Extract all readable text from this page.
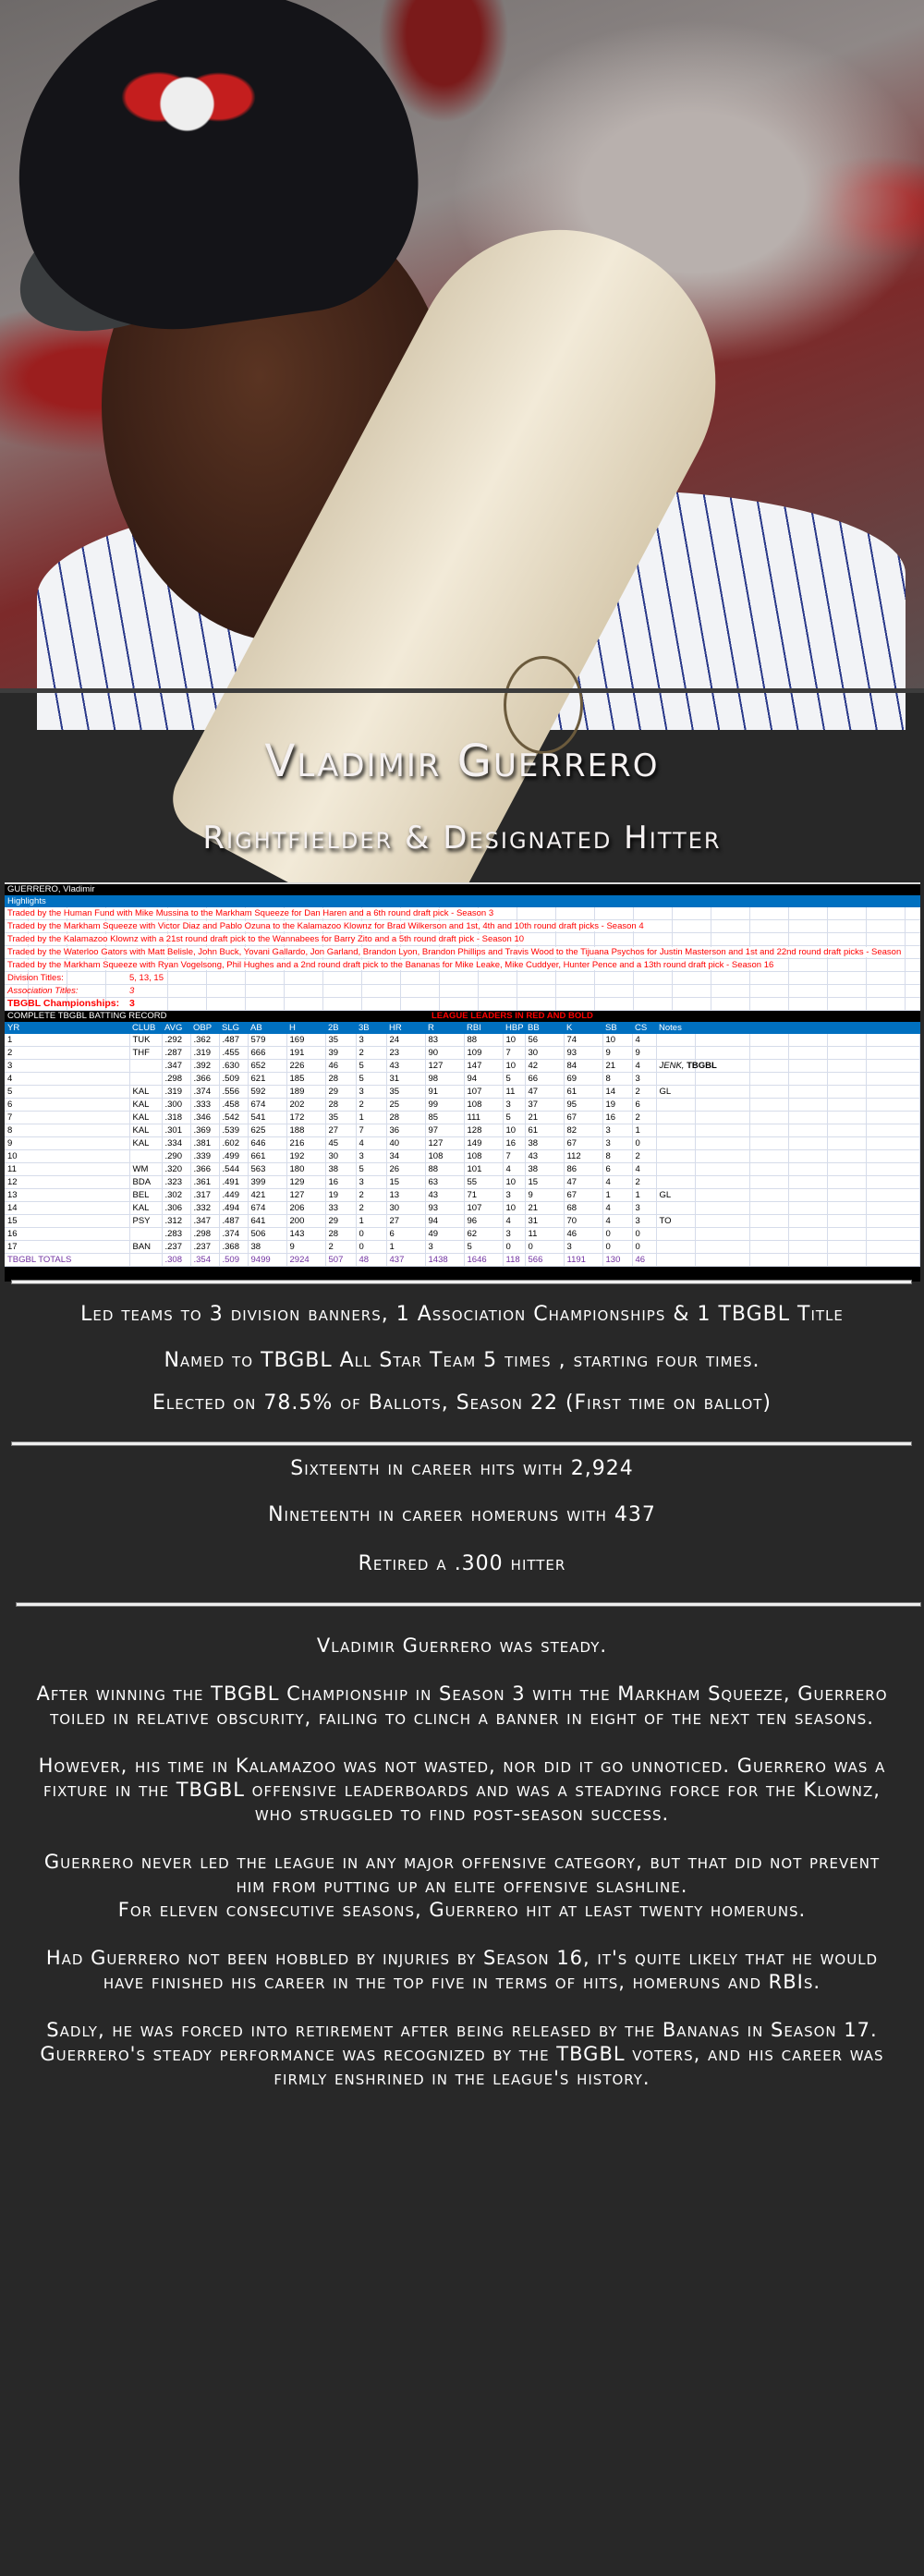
Vladimir Guerrero
Rightfielder & Designated Hitter
GUERRERO, Vladimir
Highlights
Traded by the Human Fund with Mike Mussina to the Markham Squeeze for Dan Haren and a 6th round draft pick - Season 3
Traded by the Markham Squeeze with Victor Diaz and Pablo Ozuna to the Kalamazoo Klownz for Brad Wilkerson and 1st, 4th and 10th round draft picks - Season 4
Traded by the Kalamazoo Klownz with a 21st round draft pick to the Wannabees for Barry Zito and a 5th round draft pick - Season 10
Traded by the Waterloo Gators with Matt Belisle, John Buck, Yovani Gallardo, Jon Garland, Brandon Lyon, Brandon Phillips and Travis Wood to the Tijuana Psychos for Justin Masterson and 1st and 22nd round draft picks - Season
Traded by the Markham Squeeze with Ryan Vogelsong, Phil Hughes and a 2nd round draft pick to the Bananas for Mike Leake, Mike Cuddyer, Hunter Pence and a 13th round draft pick - Season 16
Division Titles:	5, 13, 15
Association Titles:	3
TBGBL Championships: 3
COMPLETE TBGBL BATTING RECORD	LEAGUE LEADERS IN RED AND BOLD
YR	CLUB	AVG	OBP	SLG	AB	H	2B	3B	HR	R	RBI	HBP	BB	K	SB	CS	Notes					
1	TUK	.292	.362	.487	579	169	35	3	24	83	88	10	56	74	10	4						
2	THF	.287	.319	.455	666	191	39	2	23	90	109	7	30	93	9	9						
3		.347	.392	.630	652	226	46	5	43	127	147	10	42	84	21	4	JENK, TBGBL					
4		.298	.366	.509	621	185	28	5	31	98	94	5	66	69	8	3						
5	KAL	.319	.374	.556	592	189	29	3	35	91	107	11	47	61	14	2	GL					
6	KAL	.300	.333	.458	674	202	28	2	25	99	108	3	37	95	19	6						
7	KAL	.318	.346	.542	541	172	35	1	28	85	111	5	21	67	16	2						
8	KAL	.301	.369	.539	625	188	27	7	36	97	128	10	61	82	3	1						
9	KAL	.334	.381	.602	646	216	45	4	40	127	149	16	38	67	3	0						
10		.290	.339	.499	661	192	30	3	34	108	108	7	43	112	8	2						
11	WM	.320	.366	.544	563	180	38	5	26	88	101	4	38	86	6	4						
12	BDA	.323	.361	.491	399	129	16	3	15	63	55	10	15	47	4	2						
13	BEL	.302	.317	.449	421	127	19	2	13	43	71	3	9	67	1	1	GL					
14	KAL	.306	.332	.494	674	206	33	2	30	93	107	10	21	68	4	3						
15	PSY	.312	.347	.487	641	200	29	1	27	94	96	4	31	70	4	3	TO					
16		.283	.298	.374	506	143	28	0	6	49	62	3	11	46	0	0						
17	BAN	.237	.237	.368	38	9	2	0	1	3	5	0	0	3	0	0						
TBGBL TOTALS		.308	.354	.509	9499	2924	507	48	437	1438	1646	118	566	1191	130	46						
Led teams to 3 division banners, 1 Association Championships & 1 TBGBL Title
Named to TBGBL All Star Team 5 times , starting four times.
Elected on 78.5% of Ballots, Season 22 (First time on ballot)
Sixteenth in career hits with 2,924
Nineteenth in career homeruns with 437
Retired a .300 hitter

Vladimir Guerrero was steady.

After winning the TBGBL Championship in Season 3 with the Markham Squeeze, Guerrero toiled in relative obscurity, failing to clinch a banner in eight of the next ten seasons.

However, his time in Kalamazoo was not wasted, nor did it go unnoticed. Guerrero was a fixture in the TBGBL offensive leaderboards and was a steadying force for the Klownz, who struggled to find post-season success.

Guerrero never led the league in any major offensive category, but that did not prevent him from putting up an elite offensive slashline.

For eleven consecutive seasons, Guerrero hit at least twenty homeruns.

Had Guerrero not been hobbled by injuries by Season 16, it's quite likely that he would have finished his career in the top five in terms of hits, homeruns and RBIs.

Sadly, he was forced into retirement after being released by the Bananas in Season 17. Guerrero's steady performance was recognized by the TBGBL voters, and his career was firmly enshrined in the league's history.
